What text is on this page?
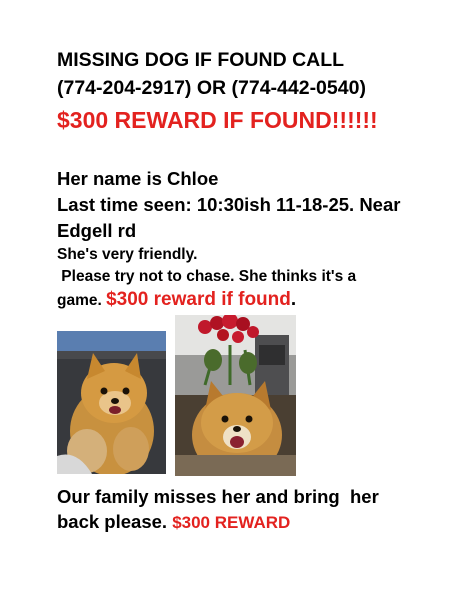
MISSING DOG IF FOUND CALL
(774-204-2917) OR (774-442-0540)
$300 REWARD IF FOUND!!!!!!
Her name is Chloe
Last time seen: 10:30ish 11-18-25. Near
Edgell rd
She's very friendly.
Please try not to chase. She thinks it's a
game. $300 reward if found.
Our family misses her and bring  her
back please. $300 REWARD
